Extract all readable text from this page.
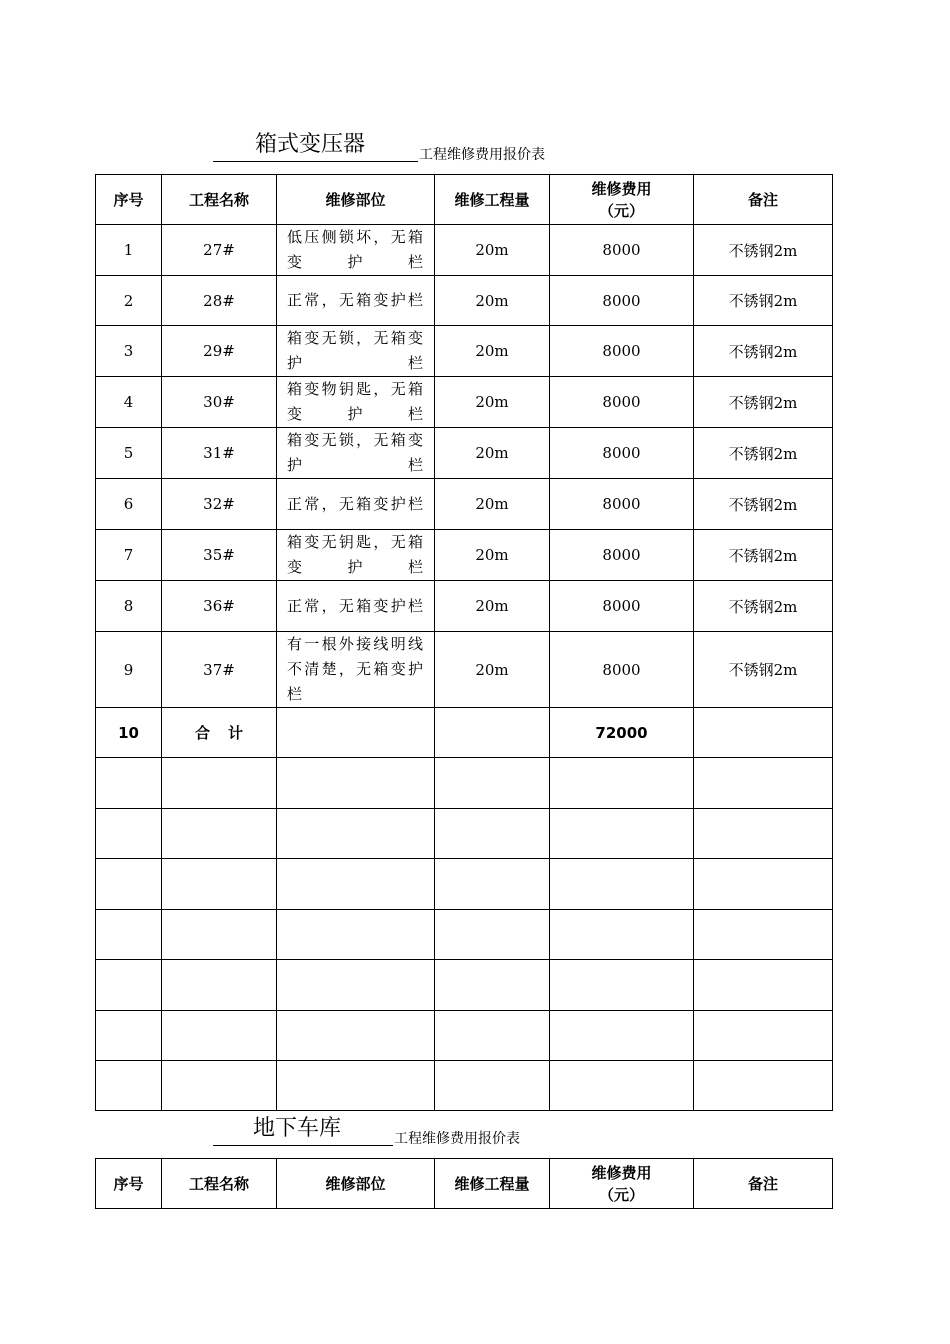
箱式变压器	工程维修费用报价表
序号	工程名称	维修部位	维修工程量	维修费用（元）	备注
1	27#	低压侧锁坏，无箱变护栏	20m	8000	不锈钢2m
2	28#	正常，无箱变护栏	20m	8000	不锈钢2m
3	29#	箱变无锁，无箱变护栏	20m	8000	不锈钢2m
4	30#	箱变物钥匙，无箱变护栏	20m	8000	不锈钢2m
5	31#	箱变无锁，无箱变护栏	20m	8000	不锈钢2m
6	32#	正常，无箱变护栏	20m	8000	不锈钢2m
7	35#	箱变无钥匙，无箱变护栏	20m	8000	不锈钢2m
8	36#	正常，无箱变护栏	20m	8000	不锈钢2m
9	37#	有一根外接线明线不清楚，无箱变护栏	20m	8000	不锈钢2m
10	合计			72000	

地下车库	工程维修费用报价表
序号	工程名称	维修部位	维修工程量	维修费用（元）	备注
